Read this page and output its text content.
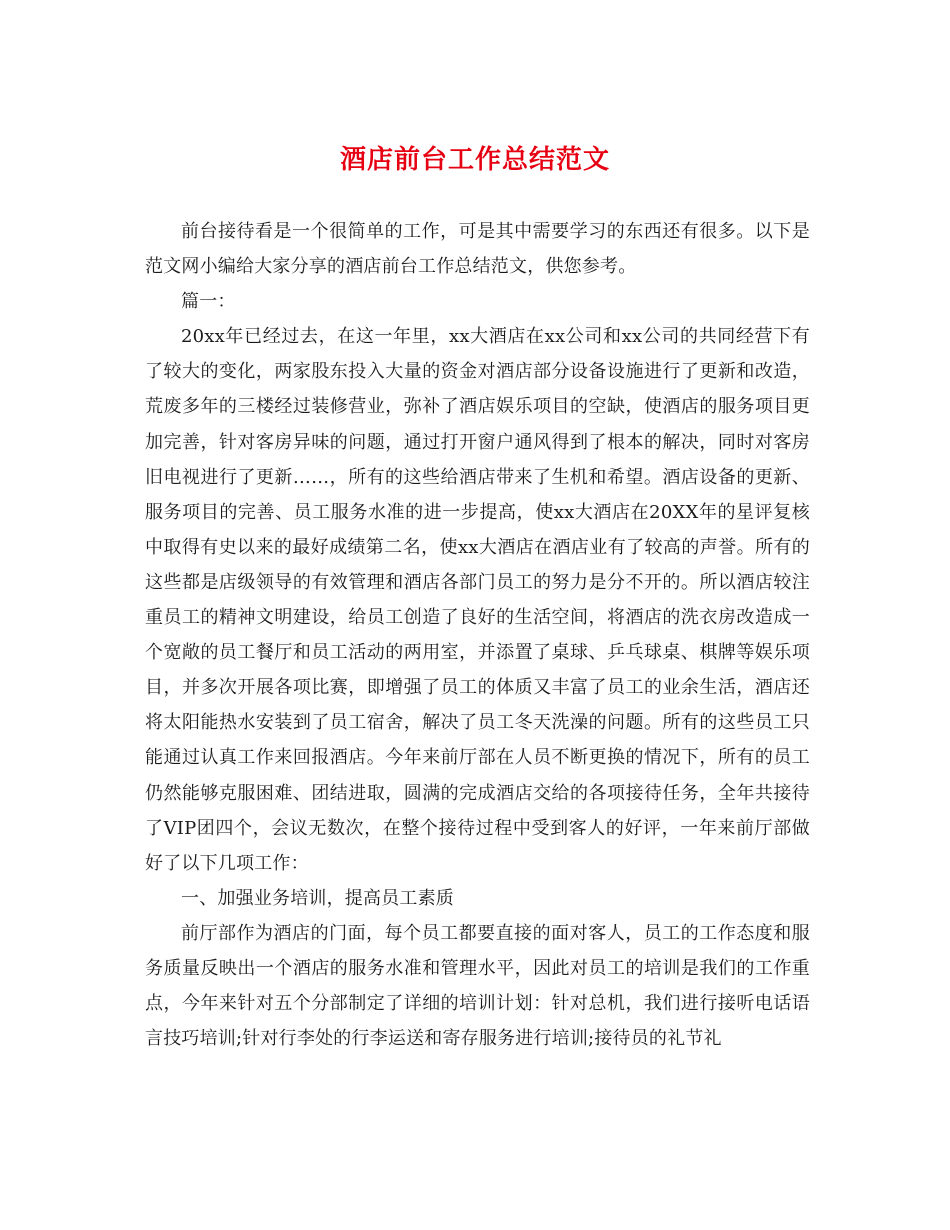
酒店前台工作总结范文

前台接待看是一个很简单的工作，可是其中需要学习的东西还有很多。以下是范文网小编给大家分享的酒店前台工作总结范文，供您参考。

篇一：

20xx年已经过去，在这一年里，xx大酒店在xx公司和xx公司的共同经营下有了较大的变化，两家股东投入大量的资金对酒店部分设备设施进行了更新和改造，荒废多年的三楼经过装修营业，弥补了酒店娱乐项目的空缺，使酒店的服务项目更加完善，针对客房异味的问题，通过打开窗户通风得到了根本的解决，同时对客房旧电视进行了更新……，所有的这些给酒店带来了生机和希望。酒店设备的更新、服务项目的完善、员工服务水准的进一步提高，使xx大酒店在20XX年的星评复核中取得有史以来的最好成绩第二名，使xx大酒店在酒店业有了较高的声誉。所有的这些都是店级领导的有效管理和酒店各部门员工的努力是分不开的。所以酒店较注重员工的精神文明建设，给员工创造了良好的生活空间，将酒店的洗衣房改造成一个宽敞的员工餐厅和员工活动的两用室，并添置了桌球、乒乓球桌、棋牌等娱乐项目，并多次开展各项比赛，即增强了员工的体质又丰富了员工的业余生活，酒店还将太阳能热水安装到了员工宿舍，解决了员工冬天洗澡的问题。所有的这些员工只能通过认真工作来回报酒店。今年来前厅部在人员不断更换的情况下，所有的员工仍然能够克服困难、团结进取，圆满的完成酒店交给的各项接待任务，全年共接待了VIP团四个，会议无数次，在整个接待过程中受到客人的好评，一年来前厅部做好了以下几项工作：

一、加强业务培训，提高员工素质

前厅部作为酒店的门面，每个员工都要直接的面对客人，员工的工作态度和服务质量反映出一个酒店的服务水准和管理水平，因此对员工的培训是我们的工作重点，今年来针对五个分部制定了详细的培训计划：针对总机，我们进行接听电话语言技巧培训;针对行李处的行李运送和寄存服务进行培训;接待员的礼节礼
